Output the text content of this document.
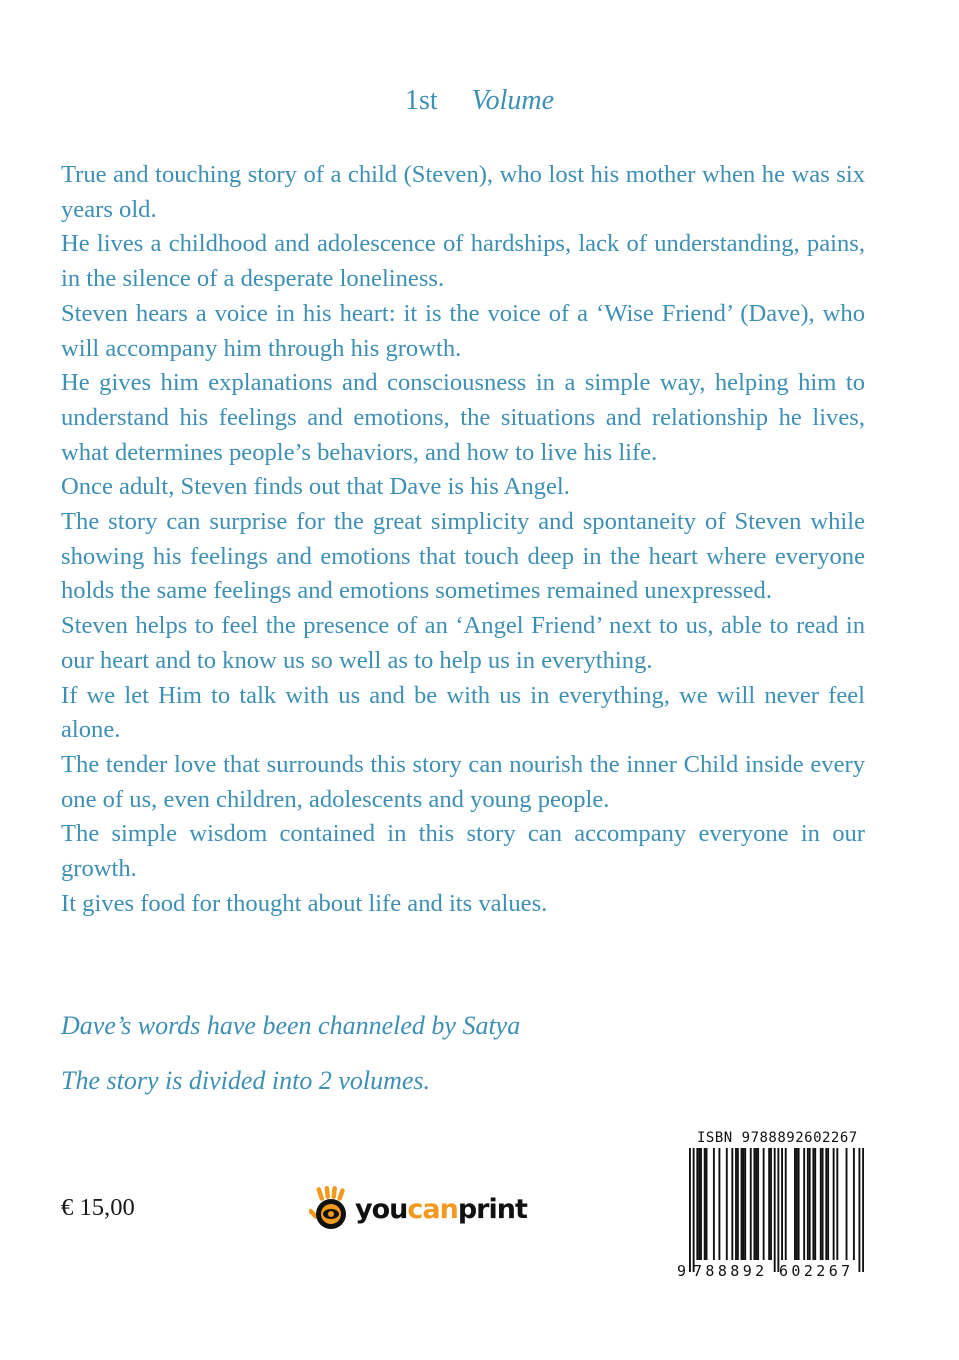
1st Volume

True and touching story of a child (Steven), who lost his mother when he was six years old.

He lives a childhood and adolescence of hardships, lack of understanding, pains, in the silence of a desperate loneliness.

Steven hears a voice in his heart: it is the voice of a ‘Wise Friend’ (Dave), who will accompany him through his growth.

He gives him explanations and consciousness in a simple way, helping him to understand his feelings and emotions, the situations and relationship he lives, what determines people’s behaviors, and how to live his life.

Once adult, Steven finds out that Dave is his Angel.

The story can surprise for the great simplicity and spontaneity of Steven while showing his feelings and emotions that touch deep in the heart where everyone holds the same feelings and emotions sometimes remained unexpressed.

Steven helps to feel the presence of an ‘Angel Friend’ next to us, able to read in our heart and to know us so well as to help us in everything.

If we let Him to talk with us and be with us in everything, we will never feel alone.

The tender love that surrounds this story can nourish the inner Child inside every one of us, even children, adolescents and young people.

The simple wisdom contained in this story can accompany everyone in our growth.

It gives food for thought about life and its values.

Dave’s words have been channeled by Satya
The story is divided into 2 volumes.
€ 15,00	youcanprint
ISBN 9788892602267
9 788892 602267
